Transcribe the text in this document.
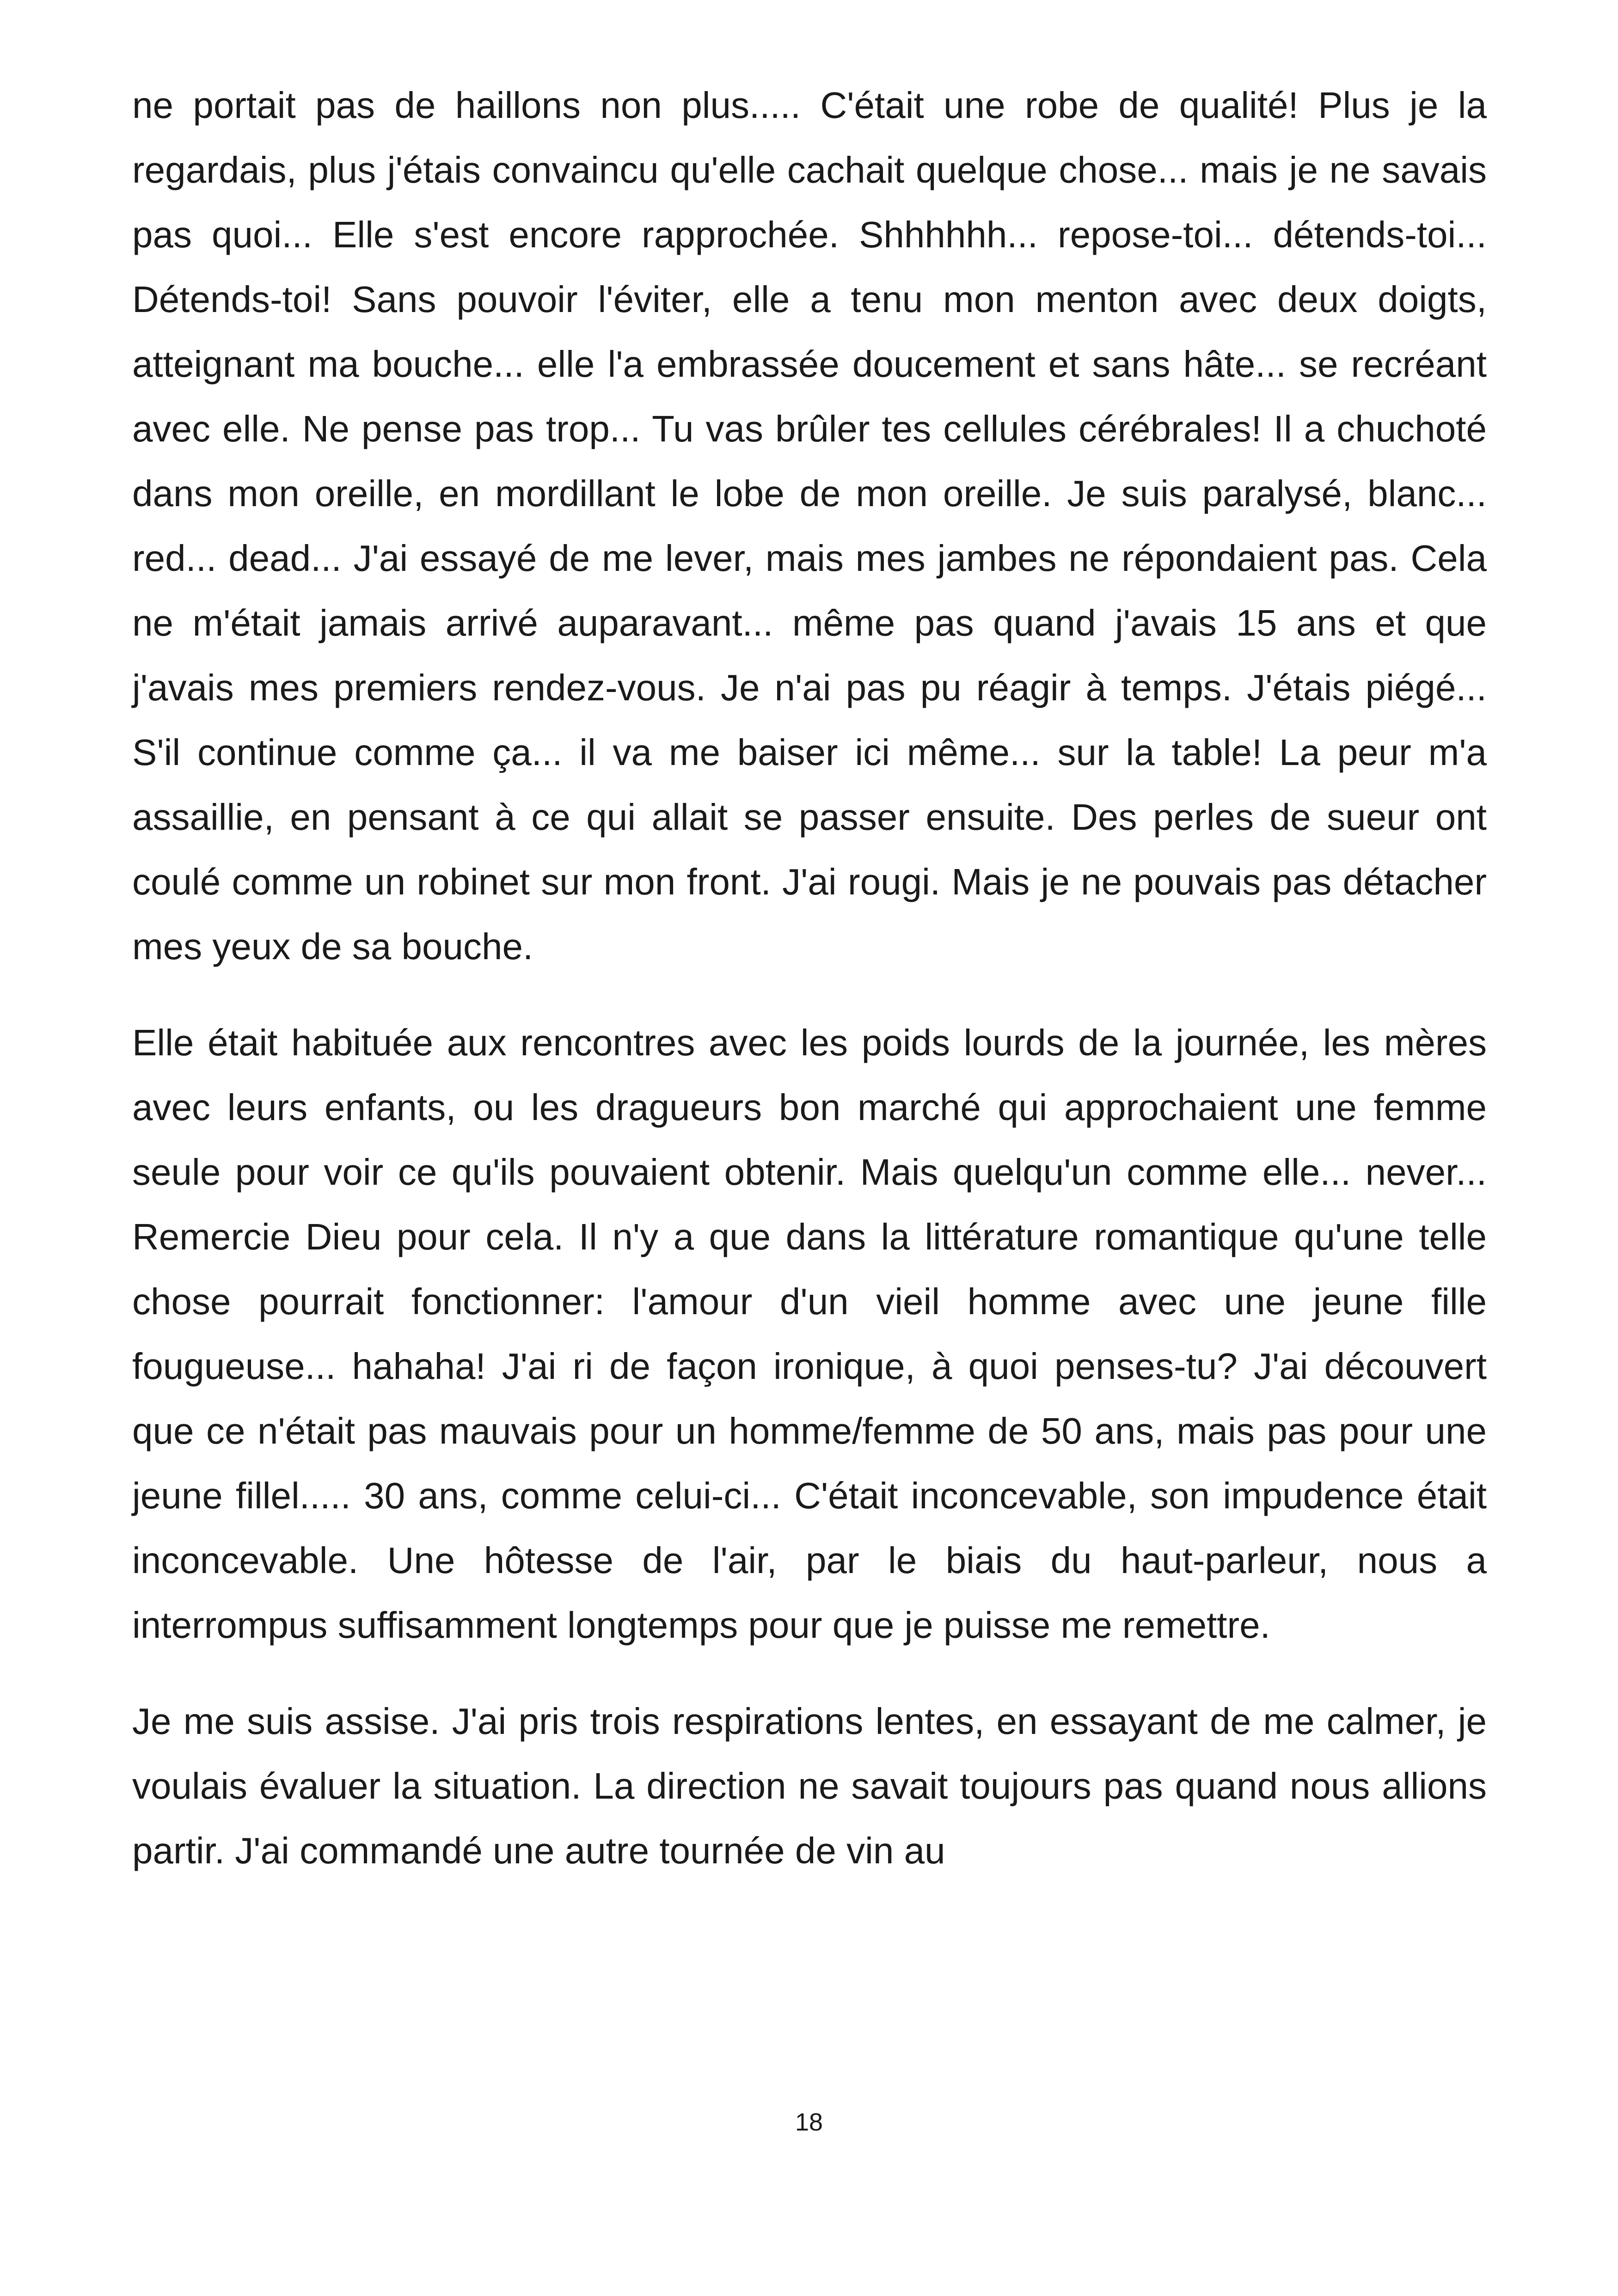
ne portait pas de haillons non plus..... C'était une robe de qualité! Plus je la regardais, plus j'étais convaincu qu'elle cachait quelque chose... mais je ne savais pas quoi... Elle s'est encore rapprochée. Shhhhhh... repose-toi... détends-toi... Détends-toi! Sans pouvoir l'éviter, elle a tenu mon menton avec deux doigts, atteignant ma bouche... elle l'a embrassée doucement et sans hâte... se recréant avec elle. Ne pense pas trop... Tu vas brûler tes cellules cérébrales! Il a chuchoté dans mon oreille, en mordillant le lobe de mon oreille. Je suis paralysé, blanc... red... dead... J'ai essayé de me lever, mais mes jambes ne répondaient pas. Cela ne m'était jamais arrivé auparavant... même pas quand j'avais 15 ans et que j'avais mes premiers rendez-vous. Je n'ai pas pu réagir à temps. J'étais piégé... S'il continue comme ça... il va me baiser ici même... sur la table! La peur m'a assaillie, en pensant à ce qui allait se passer ensuite. Des perles de sueur ont coulé comme un robinet sur mon front. J'ai rougi. Mais je ne pouvais pas détacher mes yeux de sa bouche.

Elle était habituée aux rencontres avec les poids lourds de la journée, les mères avec leurs enfants, ou les dragueurs bon marché qui approchaient une femme seule pour voir ce qu'ils pouvaient obtenir. Mais quelqu'un comme elle... never... Remercie Dieu pour cela. Il n'y a que dans la littérature romantique qu'une telle chose pourrait fonctionner: l'amour d'un vieil homme avec une jeune fille fougueuse... hahaha! J'ai ri de façon ironique, à quoi penses-tu? J'ai découvert que ce n'était pas mauvais pour un homme/femme de 50 ans, mais pas pour une jeune fillel..... 30 ans, comme celui-ci... C'était inconcevable, son impudence était inconcevable. Une hôtesse de l'air, par le biais du haut-parleur, nous a interrompus suffisamment longtemps pour que je puisse me remettre.

Je me suis assise. J'ai pris trois respirations lentes, en essayant de me calmer, je voulais évaluer la situation. La direction ne savait toujours pas quand nous allions partir. J'ai commandé une autre tournée de vin au

18
